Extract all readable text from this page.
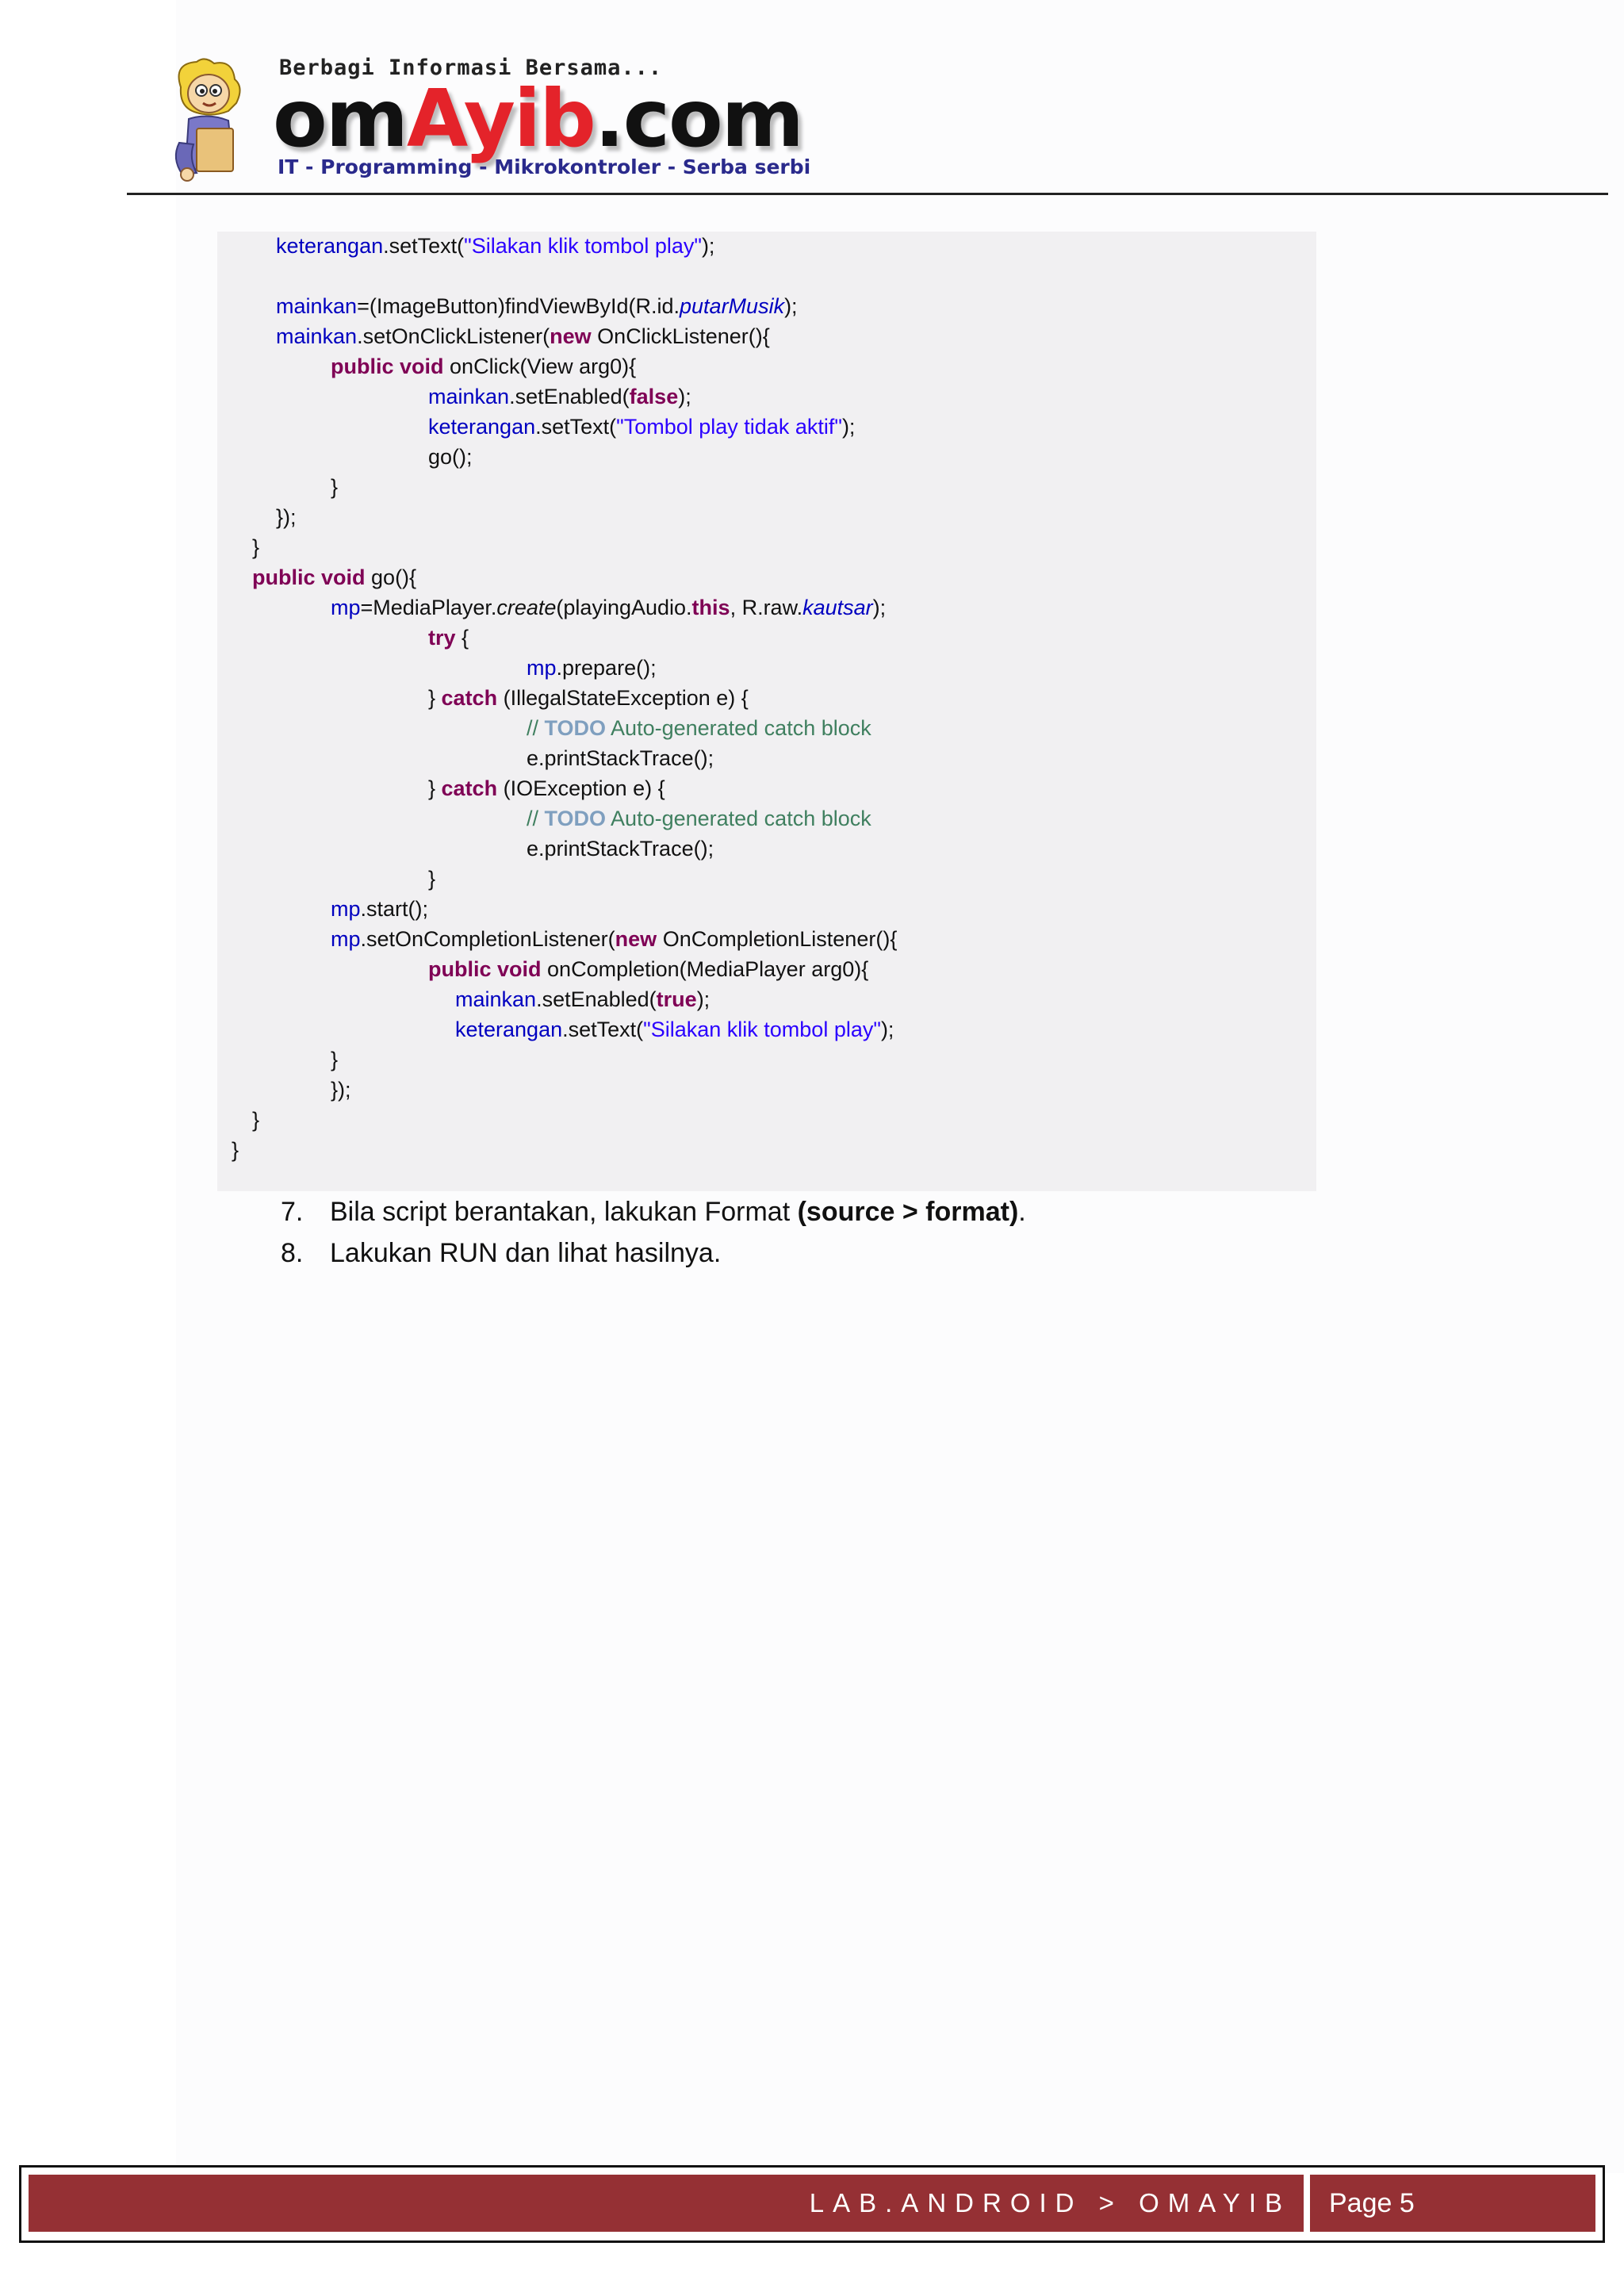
Berbagi Informasi Bersama...
omAyib.com
IT - Programming - Mikrokontroler - Serba serbi
keterangan.setText("Silakan klik tombol play");
mainkan=(ImageButton)findViewById(R.id.putarMusik);
mainkan.setOnClickListener(new OnClickListener(){
public void onClick(View arg0){
mainkan.setEnabled(false);
keterangan.setText("Tombol play tidak aktif");
go();
}
});
}
public void go(){
mp=MediaPlayer.create(playingAudio.this, R.raw.kautsar);
try {
mp.prepare();
} catch (IllegalStateException e) {
// TODO Auto-generated catch block
e.printStackTrace();
} catch (IOException e) {
// TODO Auto-generated catch block
e.printStackTrace();
}
mp.start();
mp.setOnCompletionListener(new OnCompletionListener(){
public void onCompletion(MediaPlayer arg0){
mainkan.setEnabled(true);
keterangan.setText("Silakan klik tombol play");
}
});
}
}
7. Bila script berantakan, lakukan Format (source > format).
8. Lakukan RUN dan lihat hasilnya.
LAB.ANDROID > OMAYIB Page 5
